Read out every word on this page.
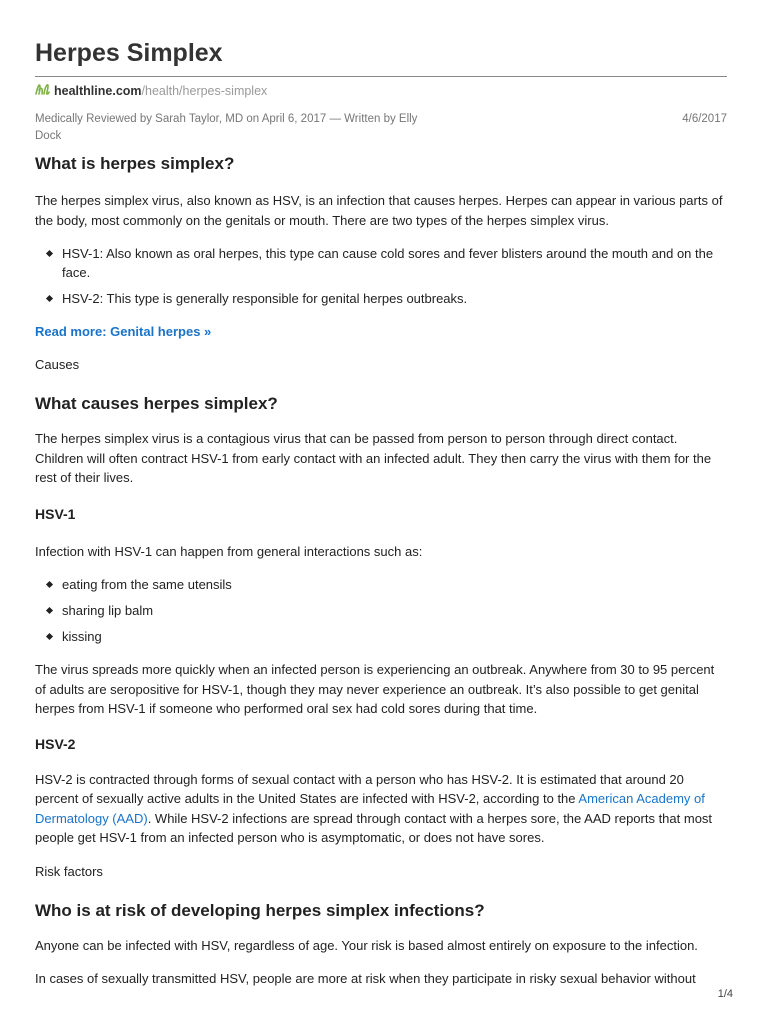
Herpes Simplex
healthline.com/health/herpes-simplex
Medically Reviewed by Sarah Taylor, MD on April 6, 2017 — Written by Elly Dock
4/6/2017
What is herpes simplex?

The herpes simplex virus, also known as HSV, is an infection that causes herpes. Herpes can appear in various parts of the body, most commonly on the genitals or mouth. There are two types of the herpes simplex virus.

HSV-1: Also known as oral herpes, this type can cause cold sores and fever blisters around the mouth and on the face.
HSV-2: This type is generally responsible for genital herpes outbreaks.

Read more: Genital herpes »

Causes

What causes herpes simplex?

The herpes simplex virus is a contagious virus that can be passed from person to person through direct contact. Children will often contract HSV-1 from early contact with an infected adult. They then carry the virus with them for the rest of their lives.

HSV-1

Infection with HSV-1 can happen from general interactions such as:

eating from the same utensils
sharing lip balm
kissing

The virus spreads more quickly when an infected person is experiencing an outbreak. Anywhere from 30 to 95 percent of adults are seropositive for HSV-1, though they may never experience an outbreak. It’s also possible to get genital herpes from HSV-1 if someone who performed oral sex had cold sores during that time.

HSV-2

HSV-2 is contracted through forms of sexual contact with a person who has HSV-2. It is estimated that around 20 percent of sexually active adults in the United States are infected with HSV-2, according to the American Academy of Dermatology (AAD). While HSV-2 infections are spread through contact with a herpes sore, the AAD reports that most people get HSV-1 from an infected person who is asymptomatic, or does not have sores.

Risk factors

Who is at risk of developing herpes simplex infections?

Anyone can be infected with HSV, regardless of age. Your risk is based almost entirely on exposure to the infection.

In cases of sexually transmitted HSV, people are more at risk when they participate in risky sexual behavior without

1/4
